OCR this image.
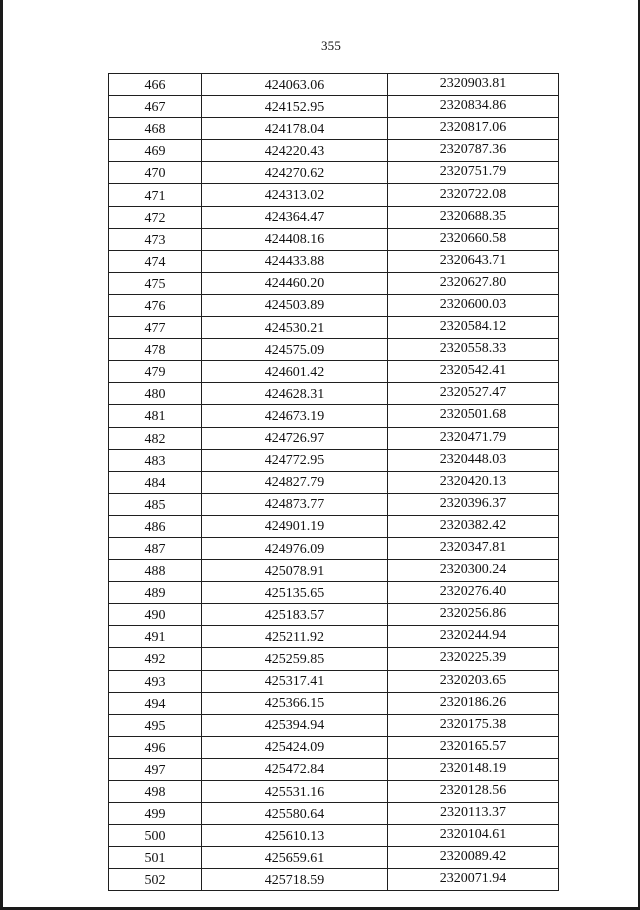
355
466	424063.06	2320903.81
467	424152.95	2320834.86
468	424178.04	2320817.06
469	424220.43	2320787.36
470	424270.62	2320751.79
471	424313.02	2320722.08
472	424364.47	2320688.35
473	424408.16	2320660.58
474	424433.88	2320643.71
475	424460.20	2320627.80
476	424503.89	2320600.03
477	424530.21	2320584.12
478	424575.09	2320558.33
479	424601.42	2320542.41
480	424628.31	2320527.47
481	424673.19	2320501.68
482	424726.97	2320471.79
483	424772.95	2320448.03
484	424827.79	2320420.13
485	424873.77	2320396.37
486	424901.19	2320382.42
487	424976.09	2320347.81
488	425078.91	2320300.24
489	425135.65	2320276.40
490	425183.57	2320256.86
491	425211.92	2320244.94
492	425259.85	2320225.39
493	425317.41	2320203.65
494	425366.15	2320186.26
495	425394.94	2320175.38
496	425424.09	2320165.57
497	425472.84	2320148.19
498	425531.16	2320128.56
499	425580.64	2320113.37
500	425610.13	2320104.61
501	425659.61	2320089.42
502	425718.59	2320071.94
